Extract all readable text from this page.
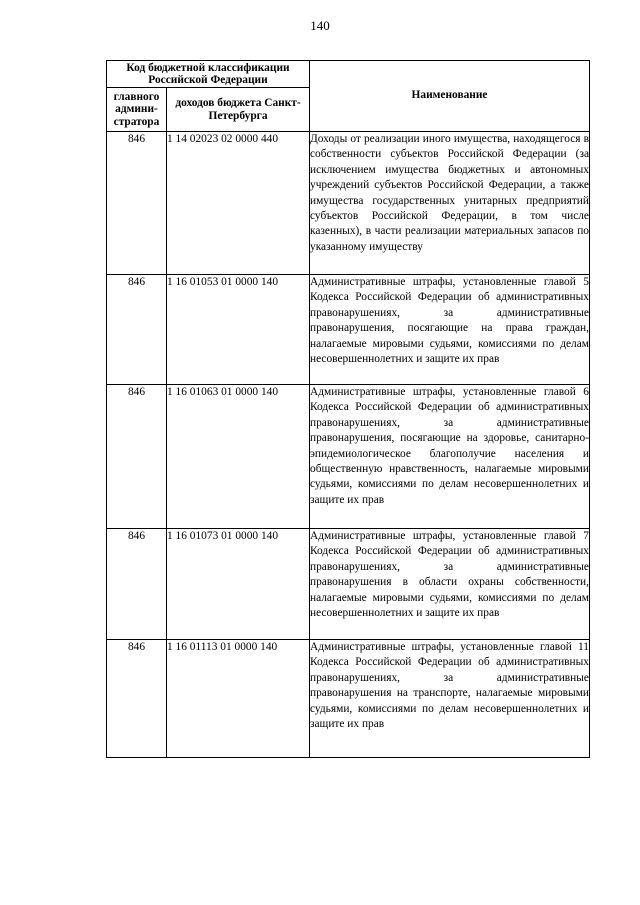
140
Код бюджетной классификации Российской Федерации		Наименование
главного админи-стратора	доходов бюджета Санкт-Петербурга	
846	1 14 02023 02 0000 440	Доходы от реализации иного имущества, находящегося в собственности субъектов Российской Федерации (за исключением имущества бюджетных и автономных учреждений субъектов Российской Федерации, а также имущества государственных унитарных предприятий субъектов Российской Федерации, в том числе казенных), в части реализации материальных запасов по указанному имуществу
846	1 16 01053 01 0000 140	Административные штрафы, установленные главой 5 Кодекса Российской Федерации об административных правонарушениях, за административные правонарушения, посягающие на права граждан, налагаемые мировыми судьями, комиссиями по делам несовершеннолетних и защите их прав
846	1 16 01063 01 0000 140	Административные штрафы, установленные главой 6 Кодекса Российской Федерации об административных правонарушениях, за административные правонарушения, посягающие на здоровье, санитарно-эпидемиологическое благополучие населения и общественную нравственность, налагаемые мировыми судьями, комиссиями по делам несовершеннолетних и защите их прав
846	1 16 01073 01 0000 140	Административные штрафы, установленные главой 7 Кодекса Российской Федерации об административных правонарушениях, за административные правонарушения в области охраны собственности, налагаемые мировыми судьями, комиссиями по делам несовершеннолетних и защите их прав
846	1 16 01113 01 0000 140	Административные штрафы, установленные главой 11 Кодекса Российской Федерации об административных правонарушениях, за административные правонарушения на транспорте, налагаемые мировыми судьями, комиссиями по делам несовершеннолетних и защите их прав
